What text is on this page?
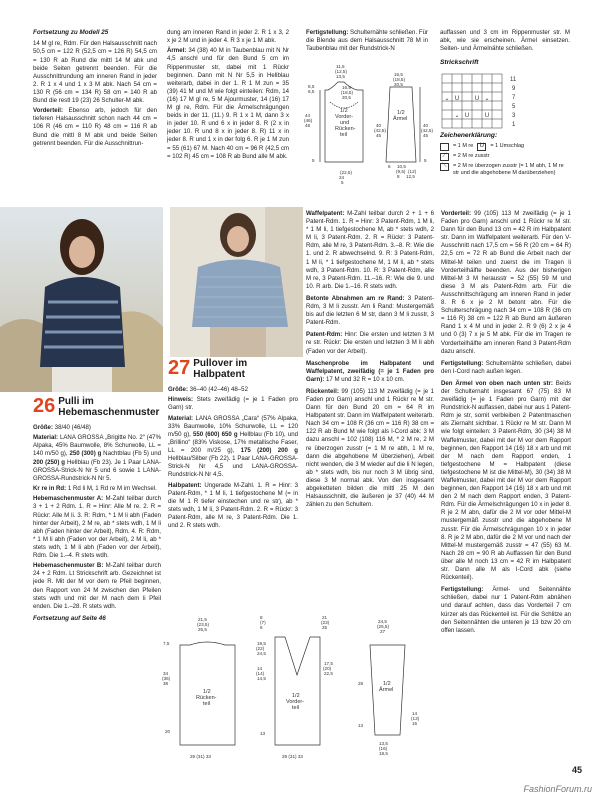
Fortsetzung zu Modell 25

14 M gl re, Rdm. Für den Halsausschnitt nach 50,5 cm = 122 R (52,5 cm = 126 R) 54,5 cm = 130 R ab Rund die mittl 14 M abk und beide Seiten getrennt beenden. Für die Ausschnittrundung am inneren Rand in jeder 2. R 1 x 4 und 1 x 3 M abk. Nach 54 cm = 130 R (56 cm = 134 R) 58 cm = 140 R ab Bund die restl 19 (23) 26 Schulter-M abk.

Vorderteil: Ebenso arb, jedoch für den tieferen Halsausschnitt schon nach 44 cm = 106 R (46 cm = 110 R) 48 cm = 116 R ab Bund die mittl 8 M abk und beide Seiten getrennt beenden. Für die Ausschnittrun-

dung am inneren Rand in jeder 2. R 1 x 3, 2 x je 2 M und in jeder 4. R 3 x je 1 M abk.

Ärmel: 34 (38) 40 M in Taubenblau mit N Nr 4,5 anschl und für den Bund 5 cm im Rippenmuster str, dabei mit 1 Rückr beginnen. Dann mit N Nr 5,5 in Hellblau weiterarb, dabei in der 1. R 1 M zun = 35 (39) 41 M und M wie folgt einteilen: Rdm, 14 (16) 17 M gl re, 5 M Ajourmuster, 14 (16) 17 M gl re, Rdm. Für die Ärmelschrägungen beids in der 11. (11.) 9. R 1 x 1 M, dann 3 x in jeder 10. R und 6 x in jeder 8. R (2 x in jeder 10. R und 8 x in jeder 8. R) 11 x in jeder 8. R und 1 x in der folg 6. R je 1 M zun = 55 (61) 67 M. Nach 40 cm = 96 R (42,5 cm = 102 R) 45 cm = 108 R ab Bund alle M abk.

Fertigstellung: Schulternähte schließen. Für die Blende aus dem Halsausschnitt 78 M in Taubenblau mit der Rundstrick-N

11,5
(12,5)
13,5
8,5
6,5
16,5
(18,5)
20,5
1/2
Vorder-
und
Rücken-
teil
44
(46)
48
5
(22,5)
24
5
16,5
(18,5)
20,5
1/2
Ärmel
40
(42,5)
45
40
(42,5)
45
6 10,5
(9,5) (12)
8 12,5
5

auffassen und 3 cm im Rippenmuster str. M abk, wie sie erscheinen. Ärmel einsetzen. Seiten- und Ärmelnähte schließen.

Strickschrift

⌄ U	U ⌄
⌄ U	U
11
9
7
5
3
1

Zeichenerklärung:

= 1 M re	U	= 1 Umschlag
⟋	= 2 M re zusstr
⟍	= 2 M re überzogen zusstr (= 1 M abh, 1 M re str und die abgehobene M darüberziehen)
26 Pulli im
Hebemaschenmuster

Größe: 38/40 (46/48)

Material: LANA GROSSA „Brigitte No. 2“ (47% Alpaka, 45% Baumwolle, 8% Schurwolle, LL = 140 m/50 g), 250 (300) g Nachtblau (Fb 5) und 200 (250) g Hellblau (Fb 23). Je 1 Paar LANA-GROSSA-Strick-N Nr 5 und 6 sowie 1 LANA-GROSSA-Rundstrick-N Nr 5.

Kr re in Rd: 1 Rd li M, 1 Rd re M im Wechsel.

Hebemaschenmuster A: M-Zahl teilbar durch 3 + 1 + 2 Rdm. 1. R = Hinr: Alle M re. 2. R = Rückr: Alle M li. 3. R: Rdm, * 1 M li abh (Faden hinter der Arbeit), 2 M re, ab * stets wdh, 1 M li abh (Faden hinter der Arbeit), Rdm. 4. R: Rdm, * 1 M li abh (Faden vor der Arbeit), 2 M li, ab * stets wdh, 1 M li abh (Faden vor der Arbeit), Rdm. Die 1.–4. R stets wdh.

Hebemaschenmuster B: M-Zahl teilbar durch 24 + 2 Rdm. Lt Strickschrift arb. Gezeichnet ist jede R. Mit der M vor dem re Pfeil beginnen, den Rapport von 24 M zwischen den Pfeilen stets wdh und mit der M nach dem li Pfeil enden. Die 1.–28. R stets wdh.

Fortsetzung auf Seite 46

27 Pullover im
Halbpatent

Größe: 36–40 (42–46) 48–52

Hinweis: Stets zweifädig (= je 1 Faden pro Garn) str.

Material: LANA GROSSA „Cara“ (57% Alpaka, 33% Baumwolle, 10% Schurwolle, LL = 120 m/50 g), 550 (600) 650 g Hellblau (Fb 10), und „Brillino“ (83% Viskose, 17% metallische Faser, LL = 200 m/25 g), 175 (200) 200 g Hellblau/Silber (Fb 22). 1 Paar LANA-GROSSA-Strick-N Nr 4,5 und LANA-GROSSA-Rundstrick-N Nr 4,5.

Halbpatent: Ungerade M-Zahl. 1. R = Hinr: 3 Patent-Rdm, * 1 M li, 1 tiefgestochene M (= in die M 1 R tiefer einstechen und re str), ab * stets wdh, 1 M li, 3 Patent-Rdm. 2. R = Rückr: 3 Patent-Rdm, alle M re, 3 Patent-Rdm. Die 1. und 2. R stets wdh.

Waffelpatent: M-Zahl teilbar durch 2 + 1 + 6 Patent-Rdm. 1. R = Hinr: 3 Patent-Rdm, 1 M li, * 1 M li, 1 tiefgestochene M, ab * stets wdh, 2 M li, 3 Patent-Rdm. 2. R = Rückr: 3 Patent-Rdm, alle M re, 3 Patent-Rdm. 3.–8. R: Wie die 1. und 2. R abwechselnd. 9. R: 3 Patent-Rdm, 1 M li, * 1 tiefgestochene M, 1 M li, ab * stets wdh, 3 Patent-Rdm. 10. R: 3 Patent-Rdm, alle M re, 3 Patent-Rdm. 11.–16. R: Wie die 9. und 10. R arb. Die 1.–16. R stets wdh.

Betonte Abnahmen am re Rand: 3 Patent-Rdm, 3 M li zusstr. Am li Rand: Mustergemäß bis auf die letzten 6 M str, dann 3 M li zusstr, 3 Patent-Rdm.

Patent-Rdm: Hinr: Die ersten und letzten 3 M re str. Rückr: Die ersten und letzten 3 M li abh (Faden vor der Arbeit).

Maschenprobe im Halbpatent und Waffelpatent, zweifädig (= je 1 Faden pro Garn): 17 M und 32 R = 10 x 10 cm.

Rückenteil: 99 (105) 113 M zweifädig (= je 1 Faden pro Garn) anschl und 1 Rückr re M str. Dann für den Bund 20 cm = 64 R im Halbpatent str. Dann im Waffelpatent weiterarb. Nach 34 cm = 108 R (36 cm = 116 R) 38 cm = 122 R ab Bund M wie folgt als I-Cord abk: 3 M dazu anschl = 102 (108) 116 M, * 2 M re, 2 M re überzogen zusstr (= 1 M re abh, 1 M re, dann die abgehobene M überziehen), Arbeit nicht wenden, die 3 M wieder auf die li N legen, ab * stets wdh, bis nur noch 3 M übrig sind, diese 3 M normal abk. Von den insgesamt abgeketteten bilden die mittl 25 M den Halsausschnitt, die äußeren je 37 (40) 44 M zählen zu den Schultern.

Vorderteil: 99 (105) 113 M zweifädig (= je 1 Faden pro Garn) anschl und 1 Rückr re M str. Dann für den Bund 13 cm = 42 R im Halbpatent str. Dann im Waffelpatent weiterarb. Für den V-Ausschnitt nach 17,5 cm = 56 R (20 cm = 64 R) 22,5 cm = 72 R ab Bund die Arbeit nach der Mittel-M teilen und zuerst die im Tragen li Vorderteilhälfte beenden. Aus der bisherigen Mittel-M 3 M herausstr = 52 (55) 59 M und diese 3 M als Patent-Rdm arb. Für die Ausschnittschrägung am inneren Rand in jeder 8. R 6 x je 2 M betont abn. Für die Schulterschrägung nach 34 cm = 108 R (36 cm = 116 R) 38 cm = 122 R ab Bund am äußeren Rand 1 x 4 M und in jeder 2. R 9 (6) 2 x je 4 und 0 (3) 7 x je 5 M abk. Für die im Tragen re Vorderteilhälfte am inneren Rand 3 Patent-Rdm dazu anschl.

Fertigstellung: Schulternähte schließen, dabei den I-Cord nach außen legen.

Den Ärmel von oben nach unten str: Beids der Schulternaht insgesamt 67 (75) 83 M zweifädig (= je 1 Faden pro Garn) mit der Rundstrick-N auffassen, dabei nur aus 1 Patent-Rdm je str, somit verbleiben 2 Patentmaschen als Ziernaht sichtbar. 1 Rückr re M str. Dann M wie folgt einteilen: 3 Patent-Rdm, 30 (34) 38 M Waffelmuster, dabei mit der M vor dem Rapport beginnen, den Rapport 14 (16) 18 x arb und mit der M nach dem Rapport enden, 1 tiefgestochene M = Halbpatent (diese tiefgestochene M ist die Mittel-M), 30 (34) 38 M Waffelmuster, dabei mit der M vor dem Rapport beginnen, den Rapport 14 (16) 18 x arb und mit den 2 M nach dem Rapport enden, 3 Patent-Rdm. Für die Ärmelschrägungen 10 x in jeder 8. R je 2 M abn, dafür die 2 M vor oder Mittel-M mustergemäß zusstr und die abgehobene M zusstr. Für die Ärmelschrägungen 10 x in jeder 8. R je 2 M abn, dafür die 2 M vor und nach der Mittel-M mustergemäß zusstr = 47 (55) 63 M. Nach 28 cm = 90 R ab Auffassen für den Bund über alle M noch 13 cm = 42 R im Halbpatent str. Dann alle M als I-Cord abk (siehe Rückenteil).

Fertigstellung: Ärmel- und Seitennähte schließen, dabei nur 1 Patent-Rdm abnähen und darauf achten, dass das Vorderteil 7 cm kürzer als das Rückenteil ist. Für die Schlitze an den Seitennähten die unteren je 13 bzw 20 cm offen lassen.

21,5
(23,5)
25,5
7,5
34
(36)
38
1/2
Rücken-
teil
20
29 (31) 33
8
(7)
6
21
(23)
25
19,5
(22)
24,5
14
(14)
14,5
17,5
(20)
22,5
1/2
Vorder-
teil
13
29 (31) 33
24,5
(25,5)
27
28
13
1/2
Ärmel
14
(13)
15
13,5
(16)
18,5
45
FashionForum.ru
